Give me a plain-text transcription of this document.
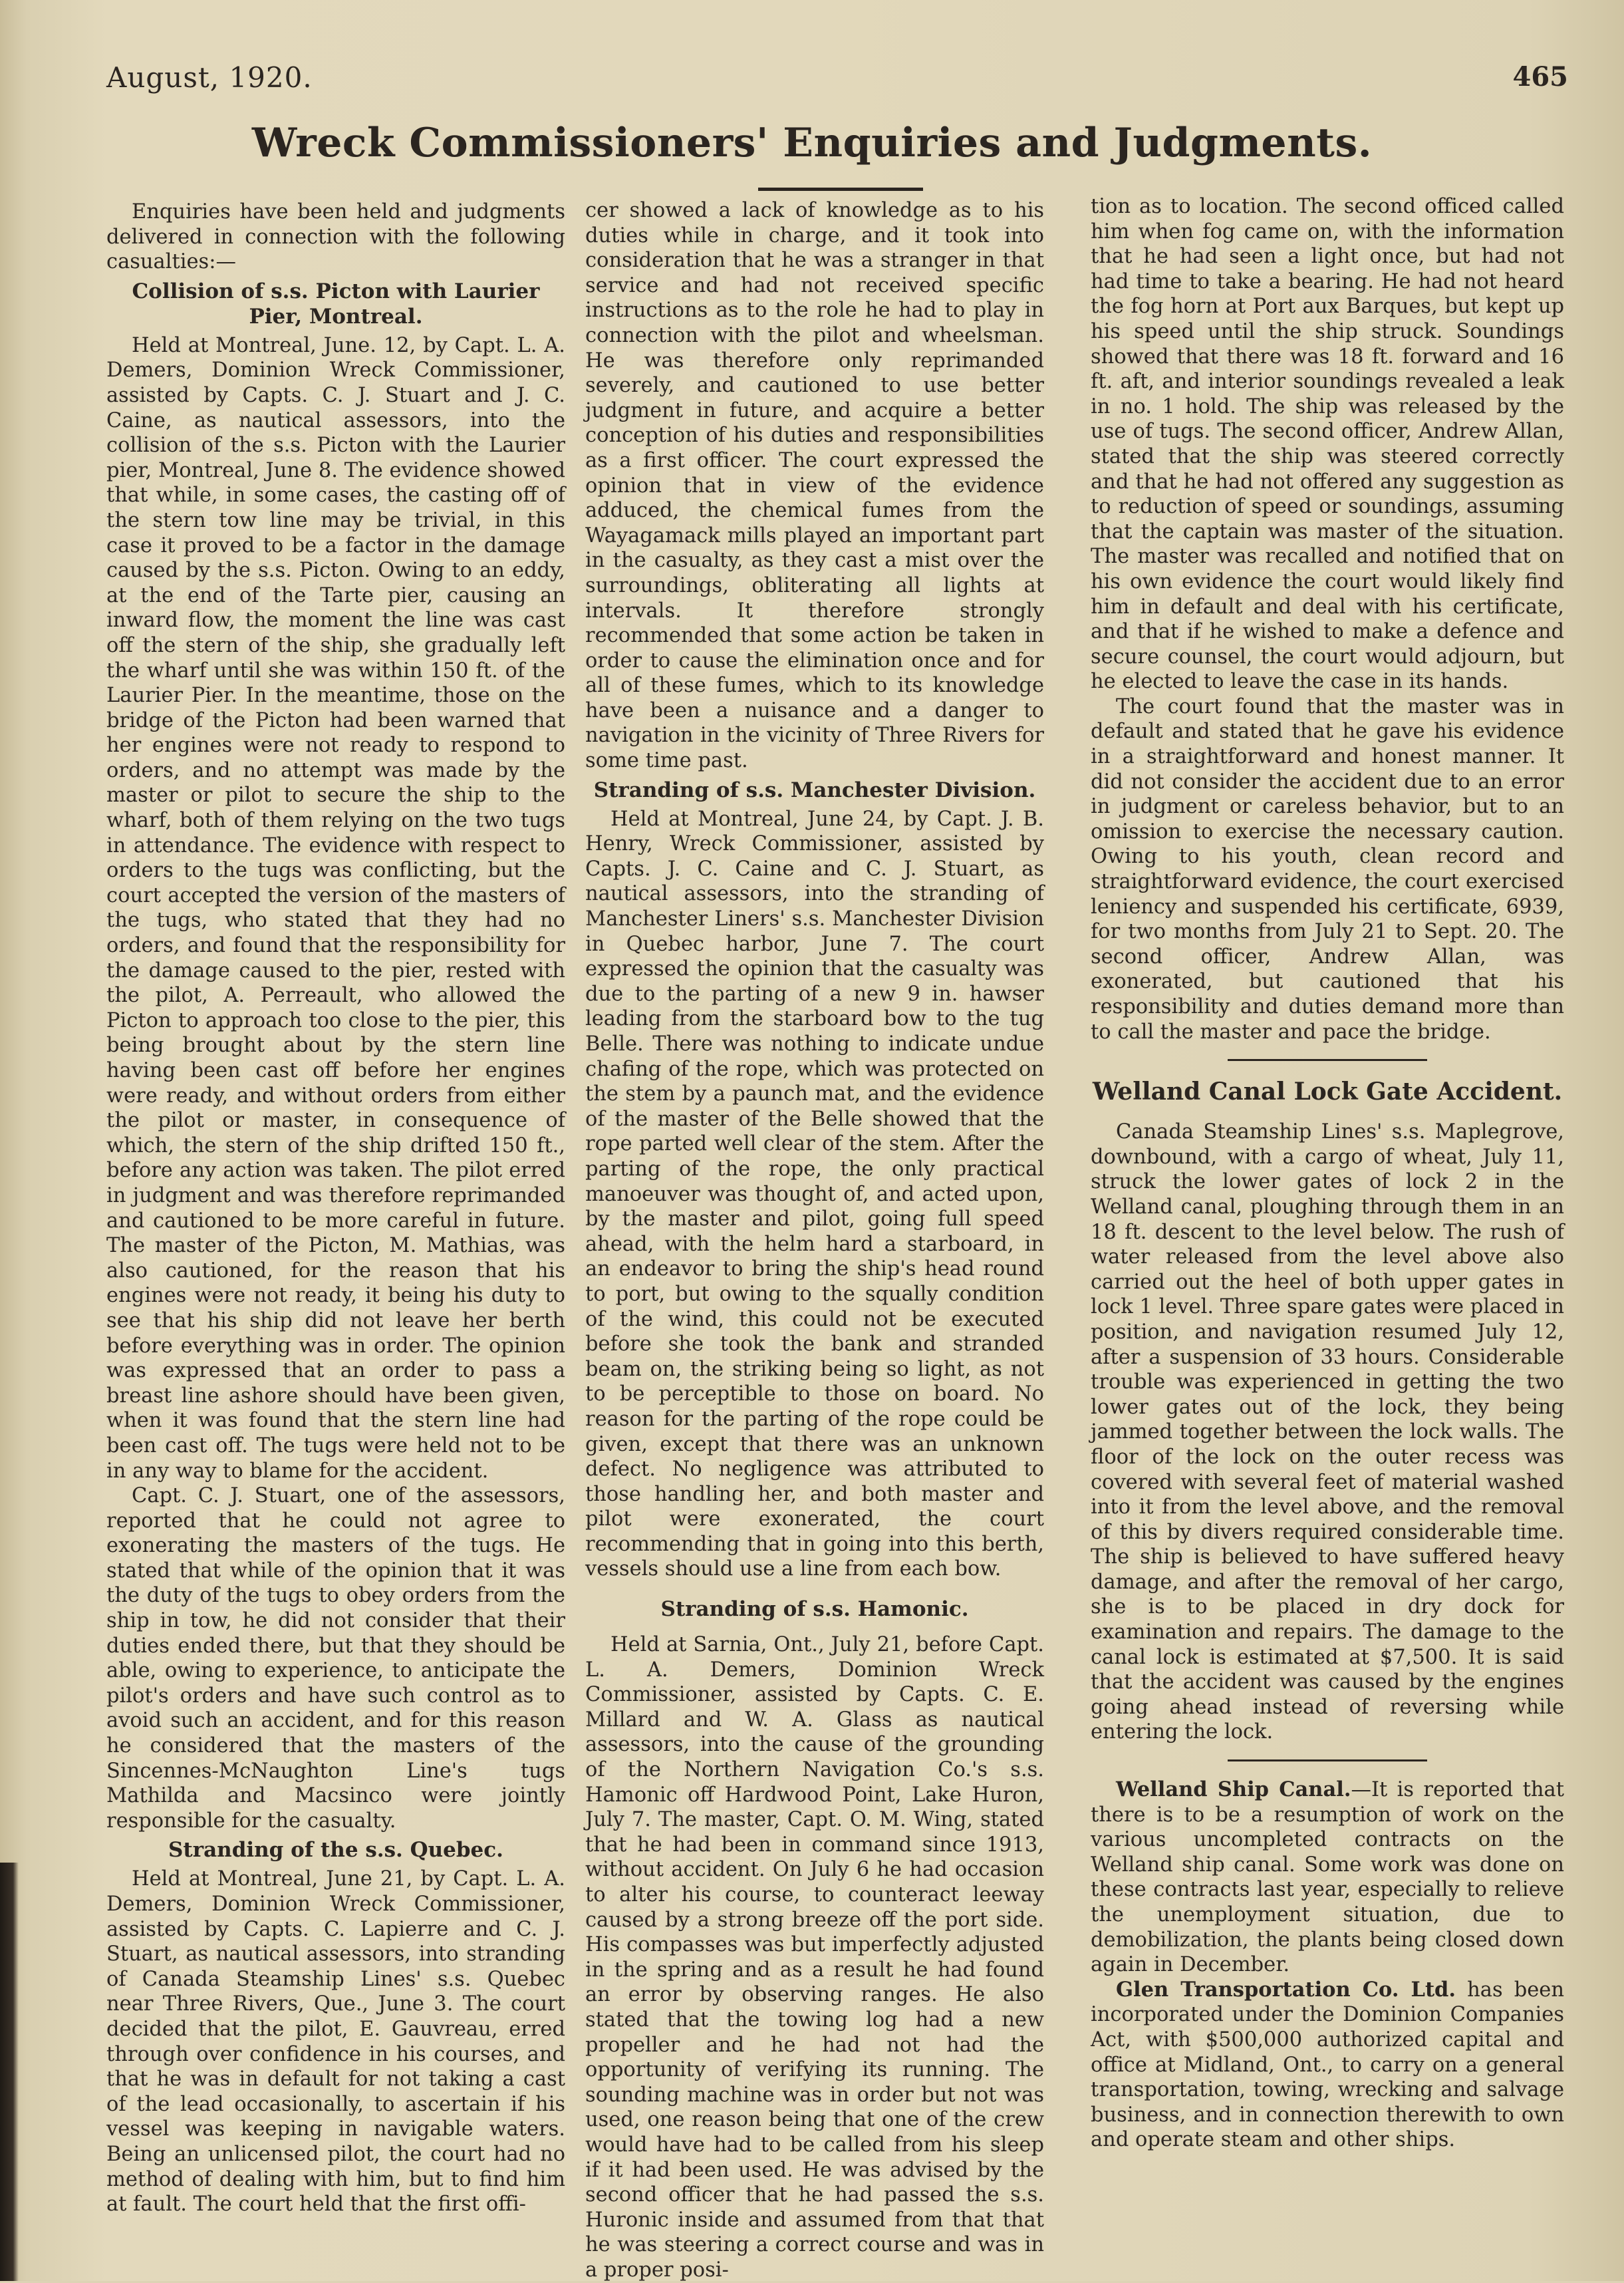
August, 1920.	465
Wreck Commissioners' Enquiries and Judgments.

Enquiries have been held and judgments delivered in connection with the following casualties:—

Collision of s.s. Picton with Laurier Pier, Montreal.

Held at Montreal, June. 12, by Capt. L. A. Demers, Dominion Wreck Commissioner, assisted by Capts. C. J. Stuart and J. C. Caine, as nautical assessors, into the collision of the s.s. Picton with the Laurier pier, Montreal, June 8. The evidence showed that while, in some cases, the casting off of the stern tow line may be trivial, in this case it proved to be a factor in the damage caused by the s.s. Picton. Owing to an eddy, at the end of the Tarte pier, causing an inward flow, the moment the line was cast off the stern of the ship, she gradually left the wharf until she was within 150 ft. of the Laurier Pier. In the meantime, those on the bridge of the Picton had been warned that her engines were not ready to respond to orders, and no attempt was made by the master or pilot to secure the ship to the wharf, both of them relying on the two tugs in attendance. The evidence with respect to orders to the tugs was conflicting, but the court accepted the version of the masters of the tugs, who stated that they had no orders, and found that the responsibility for the damage caused to the pier, rested with the pilot, A. Perreault, who allowed the Picton to approach too close to the pier, this being brought about by the stern line having been cast off before her engines were ready, and without orders from either the pilot or master, in consequence of which, the stern of the ship drifted 150 ft., before any action was taken. The pilot erred in judgment and was therefore reprimanded and cautioned to be more careful in future. The master of the Picton, M. Mathias, was also cautioned, for the reason that his engines were not ready, it being his duty to see that his ship did not leave her berth before everything was in order. The opinion was expressed that an order to pass a breast line ashore should have been given, when it was found that the stern line had been cast off. The tugs were held not to be in any way to blame for the accident.

Capt. C. J. Stuart, one of the assessors, reported that he could not agree to exonerating the masters of the tugs. He stated that while of the opinion that it was the duty of the tugs to obey orders from the ship in tow, he did not consider that their duties ended there, but that they should be able, owing to experience, to anticipate the pilot's orders and have such control as to avoid such an accident, and for this reason he considered that the masters of the Sincennes-McNaughton Line's tugs Mathilda and Macsinco were jointly responsible for the casualty.

Stranding of the s.s. Quebec.

Held at Montreal, June 21, by Capt. L. A. Demers, Dominion Wreck Commissioner, assisted by Capts. C. Lapierre and C. J. Stuart, as nautical assessors, into stranding of Canada Steamship Lines' s.s. Quebec near Three Rivers, Que., June 3. The court decided that the pilot, E. Gauvreau, erred through over confidence in his courses, and that he was in default for not taking a cast of the lead occasionally, to ascertain if his vessel was keeping in navigable waters. Being an unlicensed pilot, the court had no method of dealing with him, but to find him at fault. The court held that the first offi-

cer showed a lack of knowledge as to his duties while in charge, and it took into consideration that he was a stranger in that service and had not received specific instructions as to the role he had to play in connection with the pilot and wheelsman. He was therefore only reprimanded severely, and cautioned to use better judgment in future, and acquire a better conception of his duties and responsibilities as a first officer. The court expressed the opinion that in view of the evidence adduced, the chemical fumes from the Wayagamack mills played an important part in the casualty, as they cast a mist over the surroundings, obliterating all lights at intervals. It therefore strongly recommended that some action be taken in order to cause the elimination once and for all of these fumes, which to its knowledge have been a nuisance and a danger to navigation in the vicinity of Three Rivers for some time past.

Stranding of s.s. Manchester Division.

Held at Montreal, June 24, by Capt. J. B. Henry, Wreck Commissioner, assisted by Capts. J. C. Caine and C. J. Stuart, as nautical assessors, into the stranding of Manchester Liners' s.s. Manchester Division in Quebec harbor, June 7. The court expressed the opinion that the casualty was due to the parting of a new 9 in. hawser leading from the starboard bow to the tug Belle. There was nothing to indicate undue chafing of the rope, which was protected on the stem by a paunch mat, and the evidence of the master of the Belle showed that the rope parted well clear of the stem. After the parting of the rope, the only practical manoeuver was thought of, and acted upon, by the master and pilot, going full speed ahead, with the helm hard a starboard, in an endeavor to bring the ship's head round to port, but owing to the squally condition of the wind, this could not be executed before she took the bank and stranded beam on, the striking being so light, as not to be perceptible to those on board. No reason for the parting of the rope could be given, except that there was an unknown defect. No negligence was attributed to those handling her, and both master and pilot were exonerated, the court recommending that in going into this berth, vessels should use a line from each bow.

Stranding of s.s. Hamonic.

Held at Sarnia, Ont., July 21, before Capt. L. A. Demers, Dominion Wreck Commissioner, assisted by Capts. C. E. Millard and W. A. Glass as nautical assessors, into the cause of the grounding of the Northern Navigation Co.'s s.s. Hamonic off Hardwood Point, Lake Huron, July 7. The master, Capt. O. M. Wing, stated that he had been in command since 1913, without accident. On July 6 he had occasion to alter his course, to counteract leeway caused by a strong breeze off the port side. His compasses was but imperfectly adjusted in the spring and as a result he had found an error by observing ranges. He also stated that the towing log had a new propeller and he had not had the opportunity of verifying its running. The sounding machine was in order but not was used, one reason being that one of the crew would have had to be called from his sleep if it had been used. He was advised by the second officer that he had passed the s.s. Huronic inside and assumed from that that he was steering a correct course and was in a proper posi-

tion as to location. The second officed called him when fog came on, with the information that he had seen a light once, but had not had time to take a bearing. He had not heard the fog horn at Port aux Barques, but kept up his speed until the ship struck. Soundings showed that there was 18 ft. forward and 16 ft. aft, and interior soundings revealed a leak in no. 1 hold. The ship was released by the use of tugs. The second officer, Andrew Allan, stated that the ship was steered correctly and that he had not offered any suggestion as to reduction of speed or soundings, assuming that the captain was master of the situation. The master was recalled and notified that on his own evidence the court would likely find him in default and deal with his certificate, and that if he wished to make a defence and secure counsel, the court would adjourn, but he elected to leave the case in its hands.

The court found that the master was in default and stated that he gave his evidence in a straightforward and honest manner. It did not consider the accident due to an error in judgment or careless behavior, but to an omission to exercise the necessary caution. Owing to his youth, clean record and straightforward evidence, the court exercised leniency and suspended his certificate, 6939, for two months from July 21 to Sept. 20. The second officer, Andrew Allan, was exonerated, but cautioned that his responsibility and duties demand more than to call the master and pace the bridge.

Welland Canal Lock Gate Accident.

Canada Steamship Lines' s.s. Maplegrove, downbound, with a cargo of wheat, July 11, struck the lower gates of lock 2 in the Welland canal, ploughing through them in an 18 ft. descent to the level below. The rush of water released from the level above also carried out the heel of both upper gates in lock 1 level. Three spare gates were placed in position, and navigation resumed July 12, after a suspension of 33 hours. Considerable trouble was experienced in getting the two lower gates out of the lock, they being jammed together between the lock walls. The floor of the lock on the outer recess was covered with several feet of material washed into it from the level above, and the removal of this by divers required considerable time. The ship is believed to have suffered heavy damage, and after the removal of her cargo, she is to be placed in dry dock for examination and repairs. The damage to the canal lock is estimated at $7,500. It is said that the accident was caused by the engines going ahead instead of reversing while entering the lock.

Welland Ship Canal.—It is reported that there is to be a resumption of work on the various uncompleted contracts on the Welland ship canal. Some work was done on these contracts last year, especially to relieve the unemployment situation, due to demobilization, the plants being closed down again in December.

Glen Transportation Co. Ltd. has been incorporated under the Dominion Companies Act, with $500,000 authorized capital and office at Midland, Ont., to carry on a general transportation, towing, wrecking and salvage business, and in connection therewith to own and operate steam and other ships.
